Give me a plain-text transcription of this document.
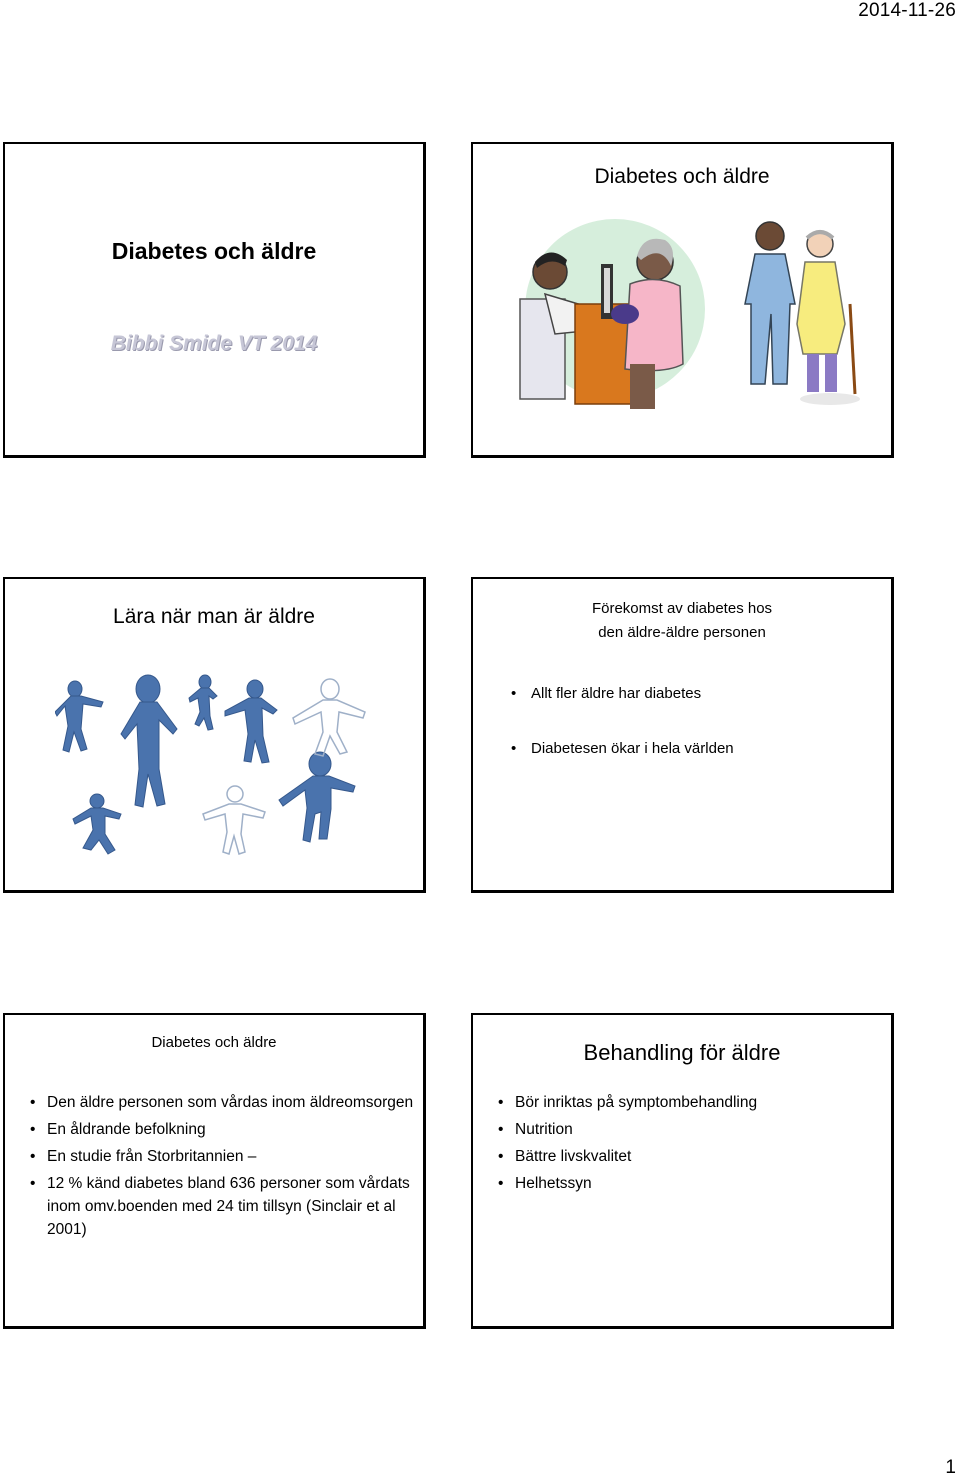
2014-11-26
Diabetes och äldre
Bibbi Smide VT 2014
Diabetes och äldre
Lära när man är äldre	Förekomst av diabetes hos
den äldre-äldre personen
• Allt fler äldre har diabetes
• Diabetesen ökar i hela världen
Diabetes och äldre
• Den äldre personen som vårdas inom äldreomsorgen
• En åldrande befolkning
• En studie från Storbritannien –
• 12 % känd diabetes bland 636 personer som vårdats inom omv.boenden med 24 tim tillsyn (Sinclair et al 2001)
Behandling för äldre
• Bör inriktas på symptombehandling
• Nutrition
• Bättre livskvalitet
• Helhetssyn
1
